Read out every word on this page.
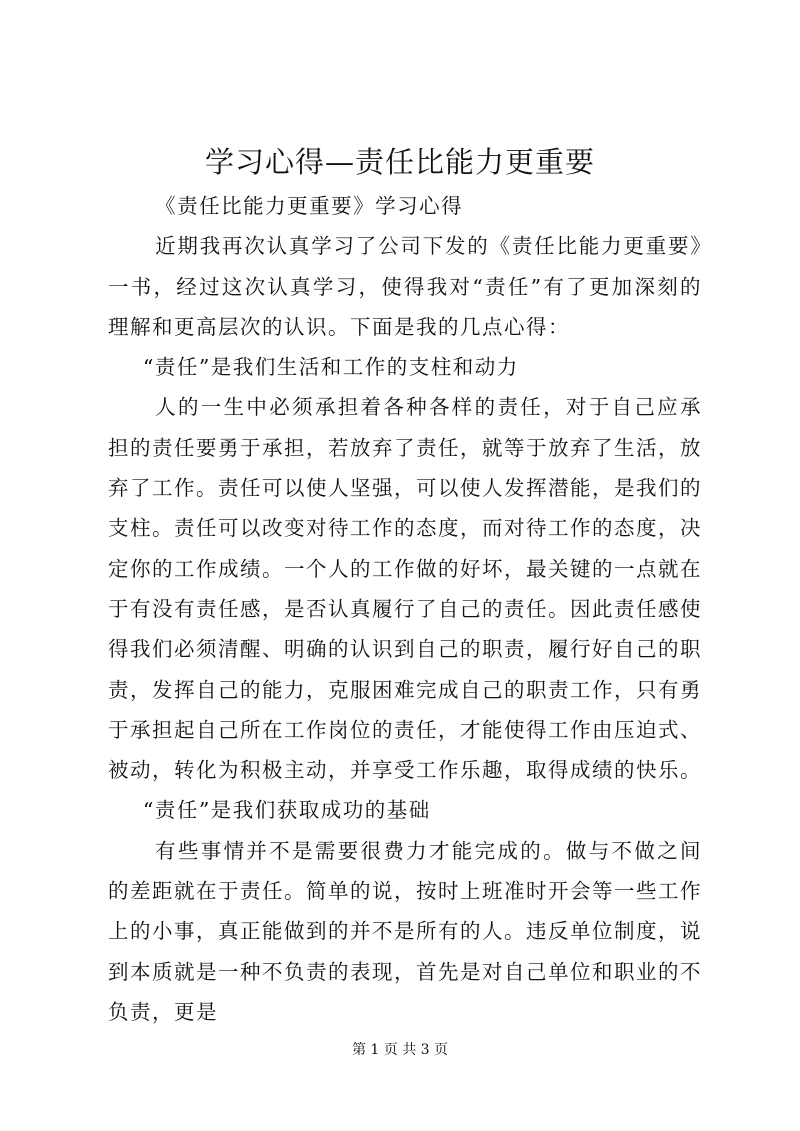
学习心得—责任比能力更重要

《责任比能力更重要》学习心得

近期我再次认真学习了公司下发的《责任比能力更重要》一书，经过这次认真学习，使得我对“责任”有了更加深刻的理解和更高层次的认识。下面是我的几点心得：

“责任”是我们生活和工作的支柱和动力

人的一生中必须承担着各种各样的责任，对于自己应承担的责任要勇于承担，若放弃了责任，就等于放弃了生活，放弃了工作。责任可以使人坚强，可以使人发挥潜能，是我们的支柱。责任可以改变对待工作的态度，而对待工作的态度，决定你的工作成绩。一个人的工作做的好坏，最关键的一点就在于有没有责任感，是否认真履行了自己的责任。因此责任感使得我们必须清醒、明确的认识到自己的职责，履行好自己的职责，发挥自己的能力，克服困难完成自己的职责工作，只有勇于承担起自己所在工作岗位的责任，才能使得工作由压迫式、被动，转化为积极主动，并享受工作乐趣，取得成绩的快乐。

“责任”是我们获取成功的基础

有些事情并不是需要很费力才能完成的。做与不做之间的差距就在于责任。简单的说，按时上班准时开会等一些工作上的小事，真正能做到的并不是所有的人。违反单位制度，说到本质就是一种不负责的表现，首先是对自己单位和职业的不负责，更是

第 1 页 共 3 页
